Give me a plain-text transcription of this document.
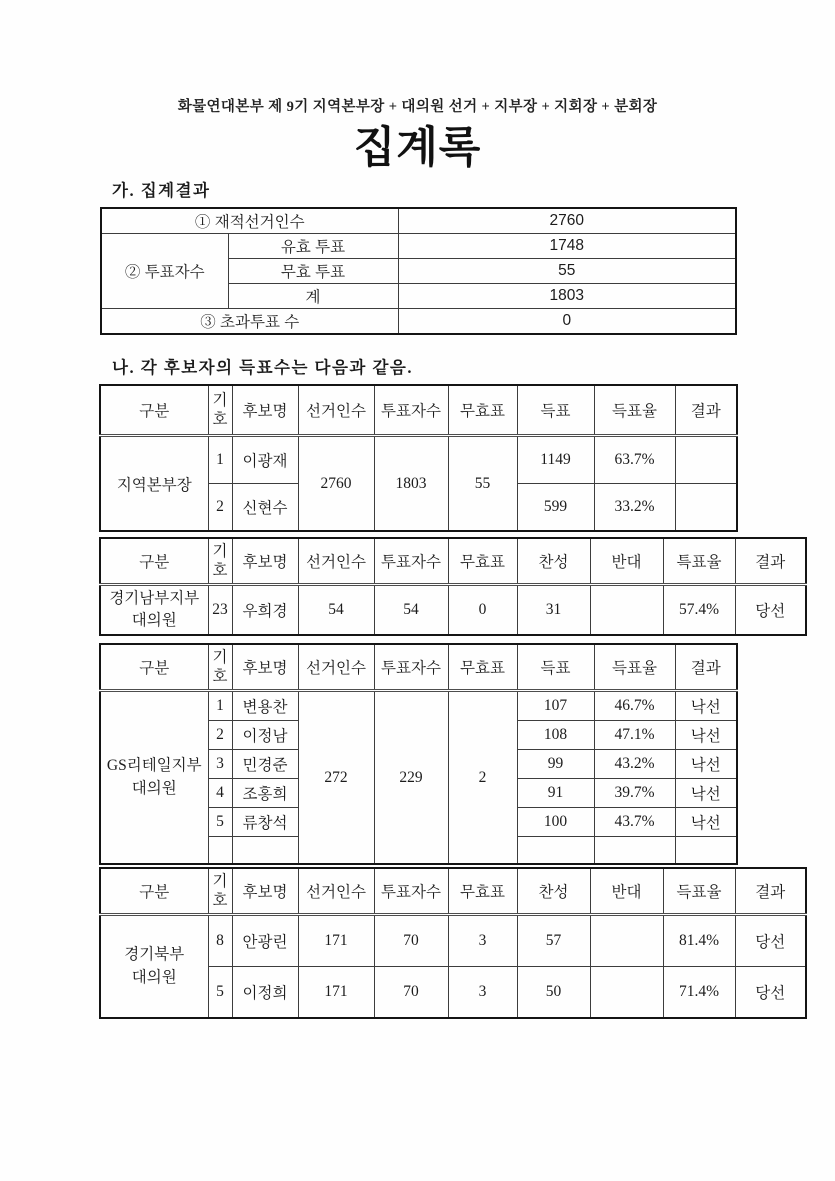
화물연대본부 제 9기 지역본부장 + 대의원 선거 + 지부장 + 지회장 + 분회장
집계록
가. 집계결과
① 재적선거인수		2760
② 투표자수	유효 투표	1748
	무효 투표	55
	계	1803
③ 초과투표 수		0
나. 각 후보자의 득표수는 다음과 같음.
구분	기호	후보명	선거인수	투표자수	무효표	득표	득표율	결과
지역본부장	1	이광재	2760	1803	55	1149	63.7%	
	2	신현수				599	33.2%	
구분	기호	후보명	선거인수	투표자수	무효표	찬성	반대	특표율	결과

경기남부지부
대의원	23	우희경	54	54	0	31		57.4%	당선
구분	기호	후보명	선거인수	투표자수	무효표	득표	득표율	결과

GS리테일지부
대의원	1	변용찬	272	229	2	107	46.7%	낙선
	2	이정남				108	47.1%	낙선
	3	민경준				99	43.2%	낙선
	4	조홍희				91	39.7%	낙선
	5	류창석				100	43.7%	낙선

구분	기호	후보명	선거인수	투표자수	무효표	찬성	반대	득표율	결과

경기북부
대의원	8	안광린	171	70	3	57		81.4%	당선
	5	이정희	171	70	3	50		71.4%	당선
